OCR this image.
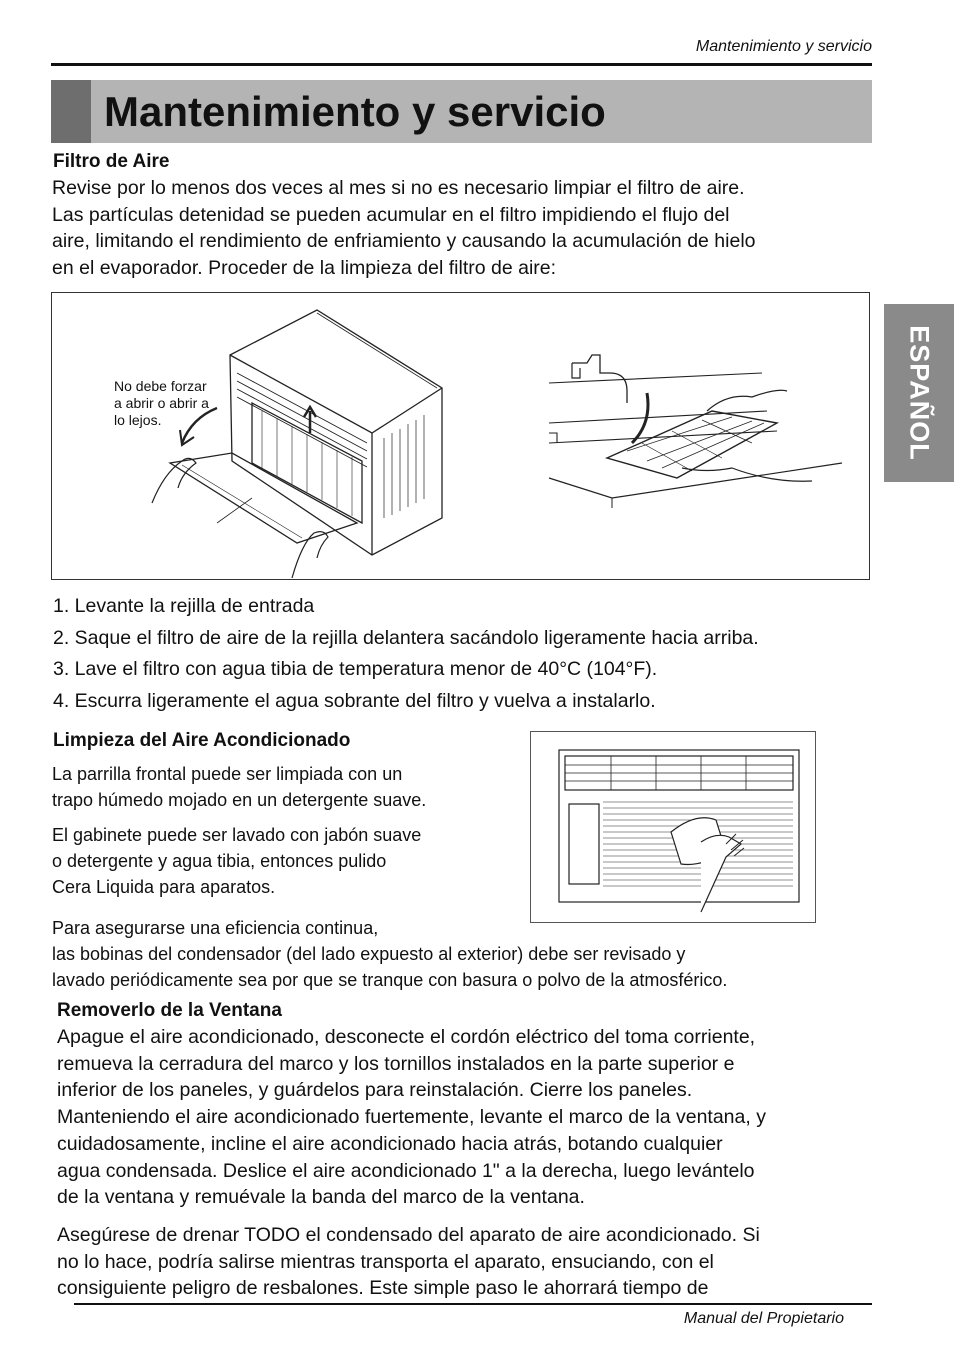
Mantenimiento y servicio
Mantenimiento y servicio
ESPAÑOL
Filtro de Aire
Revise por lo menos dos veces al mes si no es necesario limpiar el filtro de aire.
Las partículas detenidad se pueden acumular en el filtro impidiendo el flujo del
aire, limitando el rendimiento de enfriamiento y causando la acumulación de hielo
en el evaporador. Proceder de la limpieza del filtro de aire:
No debe forzar
a abrir o abrir a
lo lejos.
1. Levante la rejilla de entrada
2. Saque el filtro de aire de la rejilla delantera sacándolo ligeramente hacia arriba.
3. Lave el filtro con agua tibia de temperatura menor de 40°C (104°F).
4. Escurra ligeramente el agua sobrante del filtro y vuelva a instalarlo.
Limpieza del Aire Acondicionado
La parrilla frontal puede ser limpiada con un
trapo húmedo mojado en un detergente suave.
El gabinete puede ser lavado con jabón suave
o detergente y agua tibia, entonces pulido
Cera Liquida para aparatos.
Para asegurarse una eficiencia continua,
las bobinas del condensador (del lado expuesto al exterior) debe ser revisado y
lavado periódicamente sea por que se tranque con basura o polvo de la atmosférico.
Removerlo de la Ventana
Apague el aire acondicionado, desconecte el cordón eléctrico del toma corriente,
remueva la cerradura del marco y los tornillos instalados en la parte superior e
inferior de los paneles, y guárdelos para reinstalación. Cierre los paneles.
Manteniendo el aire acondicionado fuertemente, levante el marco de la ventana, y
cuidadosamente, incline el aire acondicionado hacia atrás, botando cualquier
agua condensada. Deslice el aire acondicionado 1" a la derecha, luego levántelo
de la ventana y remuévale la banda del marco de la ventana.
Asegúrese de drenar TODO el condensado del aparato de aire acondicionado. Si
no lo hace, podría salirse mientras transporta el aparato, ensuciando, con el
consiguiente peligro de resbalones. Este simple paso le ahorrará tiempo de
Manual del Propietario
